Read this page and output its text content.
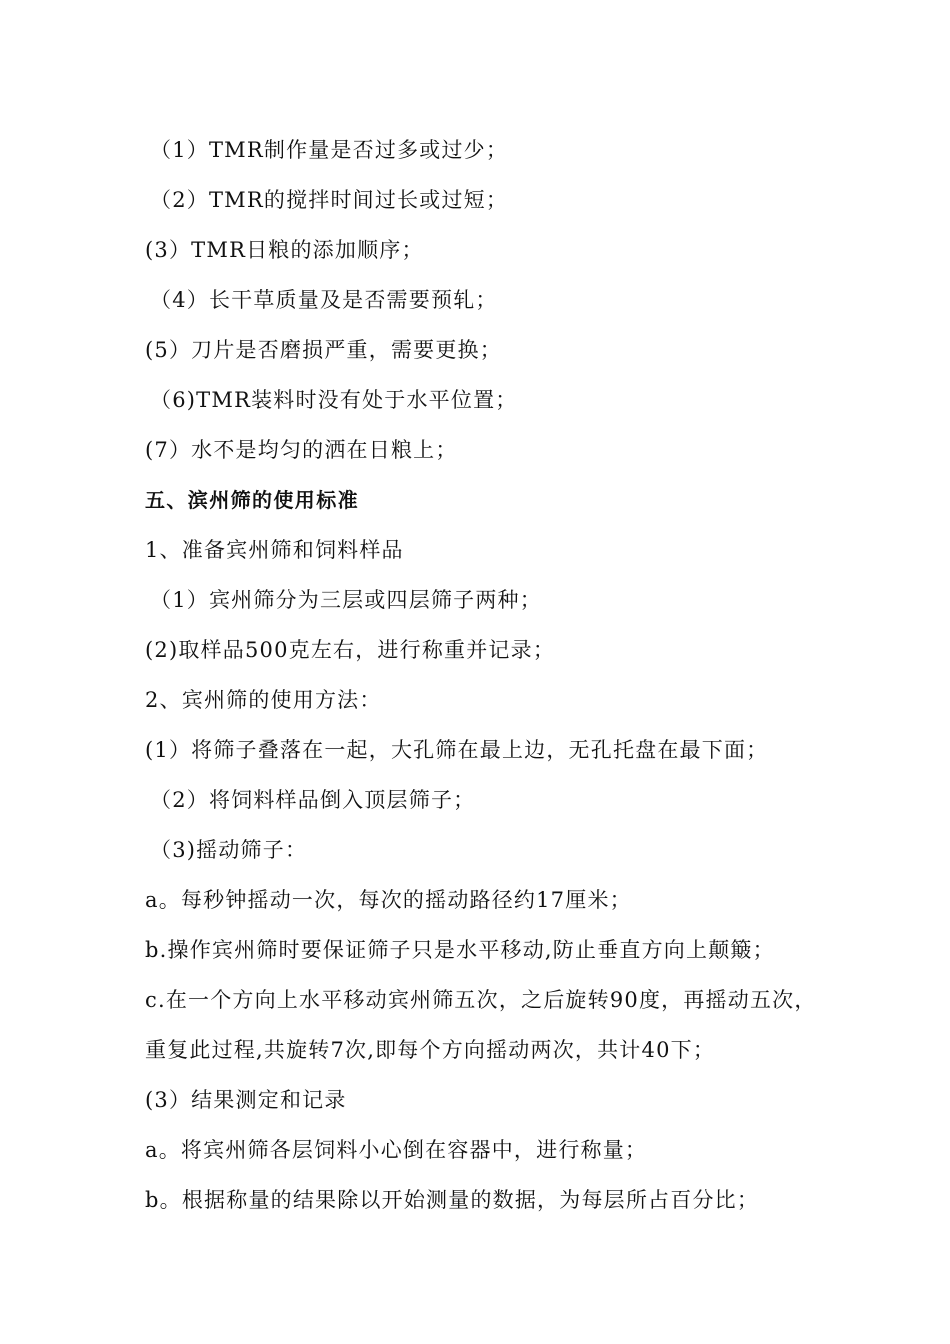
（1）TMR制作量是否过多或过少；
（2）TMR的搅拌时间过长或过短；
(3）TMR日粮的添加顺序；
（4）长干草质量及是否需要预轧；
(5）刀片是否磨损严重，需要更换；
（6)TMR装料时没有处于水平位置；
(7）水不是均匀的洒在日粮上；
五、滨州筛的使用标准
1、准备宾州筛和饲料样品
（1）宾州筛分为三层或四层筛子两种；
(2)取样品500克左右，进行称重并记录；
2、宾州筛的使用方法：
(1）将筛子叠落在一起，大孔筛在最上边，无孔托盘在最下面；
（2）将饲料样品倒入顶层筛子；
（3)摇动筛子：
a。每秒钟摇动一次，每次的摇动路径约17厘米；
b.操作宾州筛时要保证筛子只是水平移动,防止垂直方向上颠簸；
c.在一个方向上水平移动宾州筛五次，之后旋转90度，再摇动五次，
重复此过程,共旋转7次,即每个方向摇动两次，共计40下；
(3）结果测定和记录
a。将宾州筛各层饲料小心倒在容器中，进行称量；
b。根据称量的结果除以开始测量的数据，为每层所占百分比；
